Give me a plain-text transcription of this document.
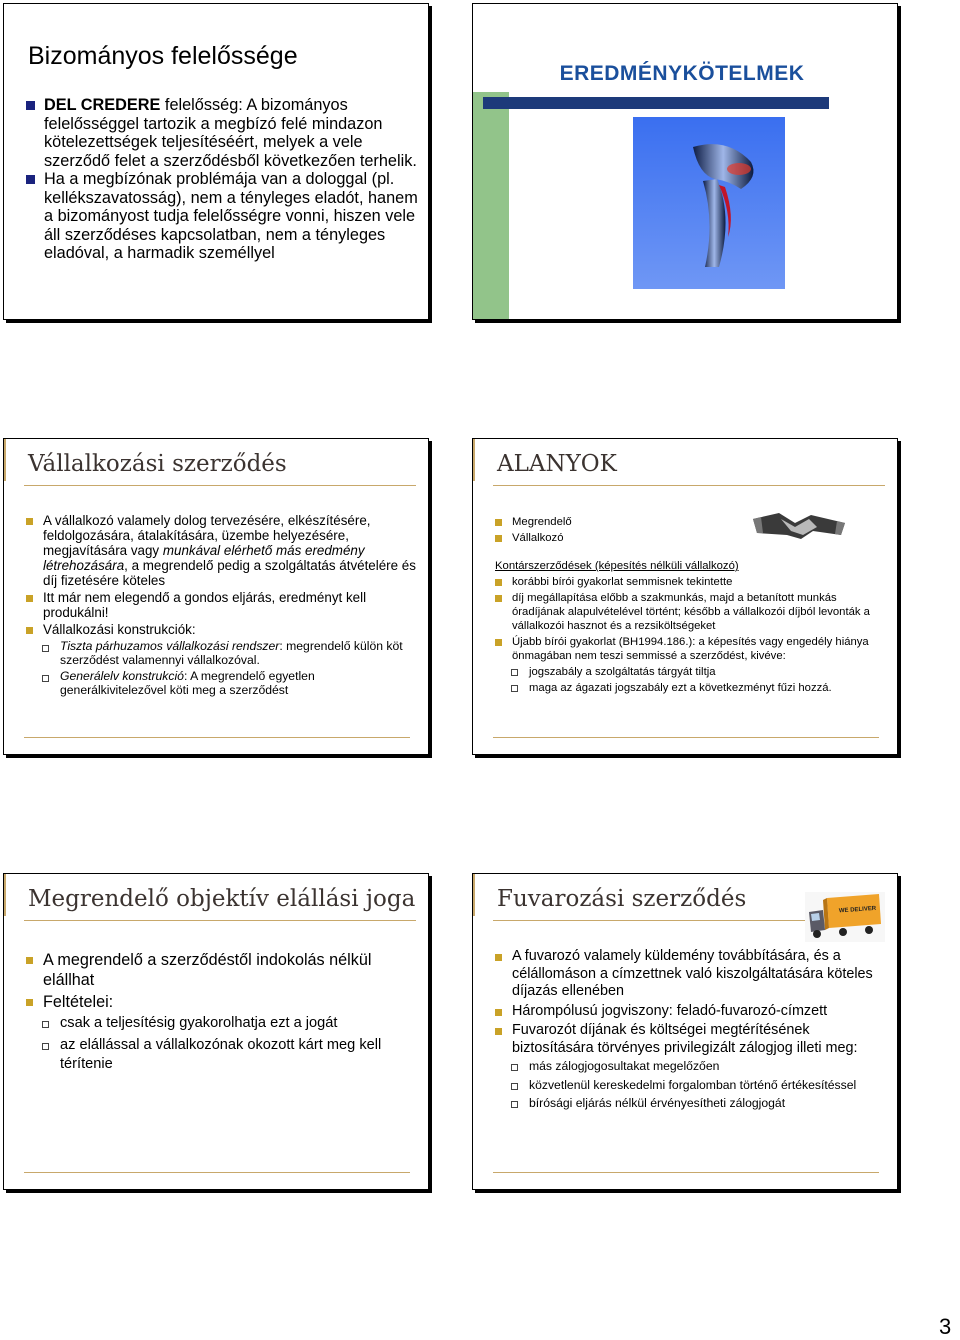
Bizományos felelőssége
DEL CREDERE felelősség: A bizományos felelősséggel tartozik a megbízó felé mindazon kötelezettségek teljesítéséért, melyek a vele szerződő felet a szerződésből következően terhelik.
Ha a megbízónak problémája van a dologgal (pl. kellékszavatosság), nem a tényleges eladót, hanem a bizományost tudja felelősségre vonni, hiszen vele áll szerződéses kapcsolatban, nem a tényleges eladóval, a harmadik személlyel
EREDMÉNYKÖTELMEK
Vállalkozási szerződés
A vállalkozó valamely dolog tervezésére, elkészítésére, feldolgozására, átalakítására, üzembe helyezésére, megjavítására vagy munkával elérhető más eredmény létrehozására, a megrendelő pedig a szolgáltatás átvételére és díj fizetésére köteles
Itt már nem elegendő a gondos eljárás, eredményt kell produkálni!
Vállalkozási konstrukciók:
Tiszta párhuzamos vállalkozási rendszer: megrendelő külön köt szerződést valamennyi vállalkozóval.
Generálelv konstrukció: A megrendelő egyetlen generálkivitelezővel köti meg a szerződést
ALANYOK
Megrendelő
Vállalkozó
Kontárszerződések (képesítés nélküli vállalkozó)
korábbi bírói gyakorlat semmisnek tekintette
díj megállapítása előbb a szakmunkás, majd a betanított munkás óradíjának alapulvételével történt; később a vállalkozói díjból levonták a vállalkozói hasznot és a rezsiköltségeket
Újabb bírói gyakorlat (BH1994.186.): a képesítés vagy engedély hiánya önmagában nem teszi semmissé a szerződést, kivéve:
jogszabály a szolgáltatás tárgyát tiltja
maga az ágazati jogszabály ezt a következményt fűzi hozzá.
Megrendelő objektív elállási joga
A megrendelő a szerződéstől indokolás nélkül elállhat
Feltételei:
csak a teljesítésig gyakorolhatja ezt a jogát
az elállással a vállalkozónak okozott kárt meg kell térítenie
Fuvarozási szerződés	WE DELIVER
A fuvarozó valamely küldemény továbbítására, és a célállomáson a címzettnek való kiszolgáltatására köteles díjazás ellenében
Hárompólusú jogviszony: feladó-fuvarozó-címzett
Fuvarozót díjának és költségei megtérítésének biztosítására törvényes privilegizált zálogjog illeti meg:
más zálogjogosultakat megelőzően
közvetlenül kereskedelmi forgalomban történő értékesítéssel
bírósági eljárás nélkül érvényesítheti zálogjogát
3
